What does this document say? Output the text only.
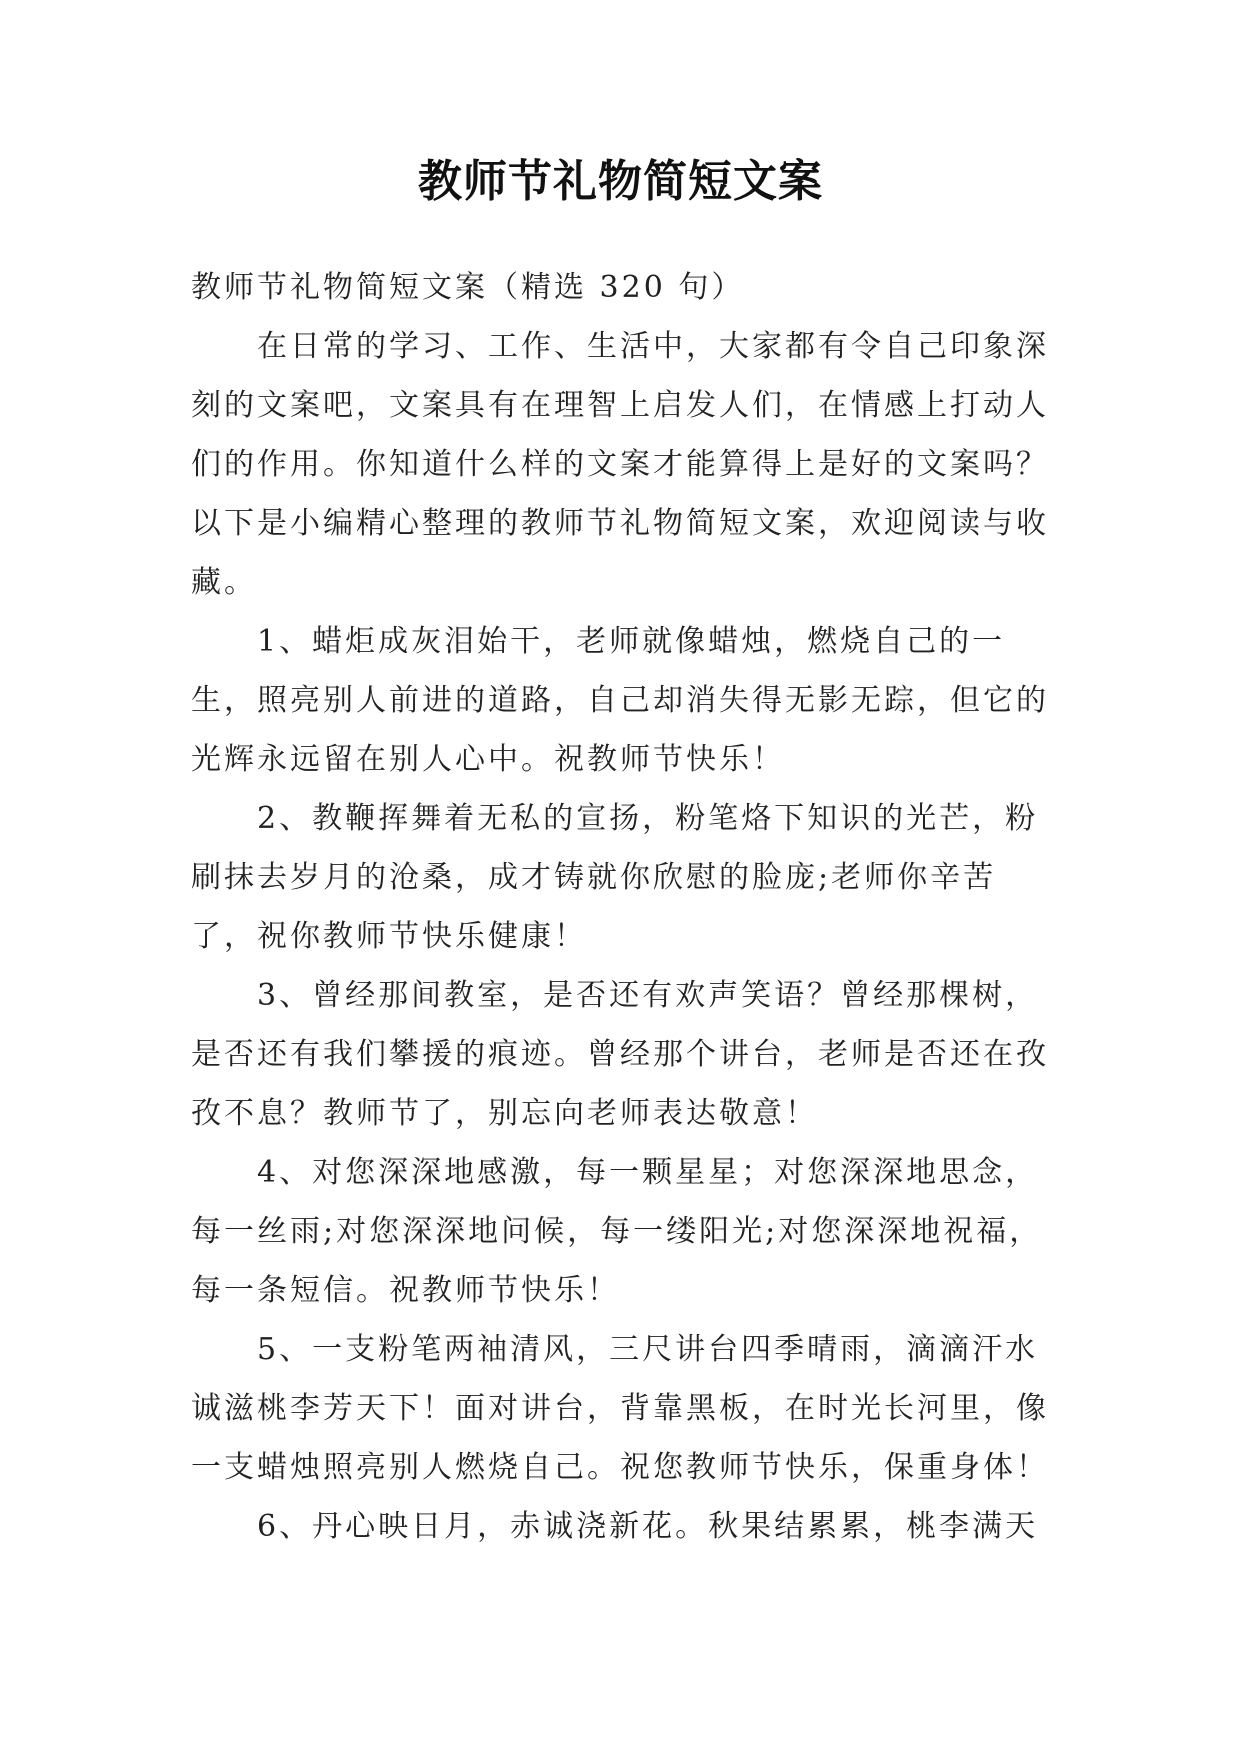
教师节礼物简短文案

教师节礼物简短文案（精选 320 句）

在日常的学习、工作、生活中，大家都有令自己印象深刻的文案吧，文案具有在理智上启发人们，在情感上打动人们的作用。你知道什么样的文案才能算得上是好的文案吗？以下是小编精心整理的教师节礼物简短文案，欢迎阅读与收藏。

1、蜡炬成灰泪始干，老师就像蜡烛，燃烧自己的一生，照亮别人前进的道路，自己却消失得无影无踪，但它的光辉永远留在别人心中。祝教师节快乐！

2、教鞭挥舞着无私的宣扬，粉笔烙下知识的光芒，粉刷抹去岁月的沧桑，成才铸就你欣慰的脸庞;老师你辛苦了，祝你教师节快乐健康！

3、曾经那间教室，是否还有欢声笑语？曾经那棵树，是否还有我们攀援的痕迹。曾经那个讲台，老师是否还在孜孜不息？教师节了，别忘向老师表达敬意！

4、对您深深地感激，每一颗星星；对您深深地思念，每一丝雨;对您深深地问候，每一缕阳光;对您深深地祝福，每一条短信。祝教师节快乐！

5、一支粉笔两袖清风，三尺讲台四季晴雨，滴滴汗水诚滋桃李芳天下！面对讲台，背靠黑板，在时光长河里，像一支蜡烛照亮别人燃烧自己。祝您教师节快乐，保重身体！

6、丹心映日月，赤诚浇新花。秋果结累累，桃李满天
